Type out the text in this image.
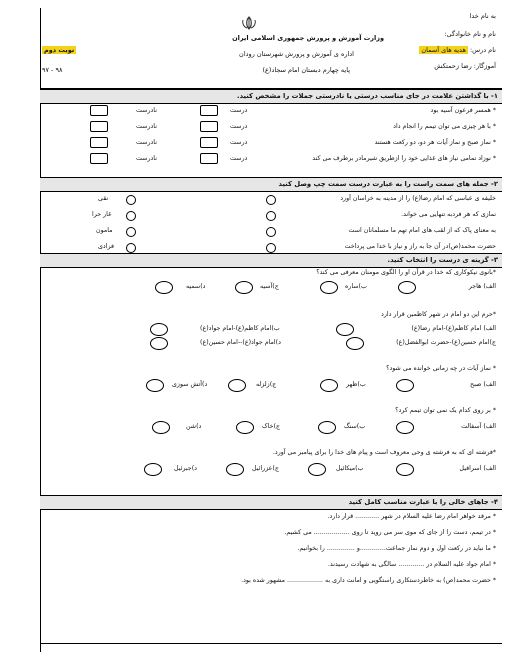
به نام خدا
نام و نام خانوادگی:
وزارت آموزش و پرورش جمهوری اسلامی ایران
نام درس: هدیه های آسمان
اداره ی آموزش و پرورش شهرستان رودان
نوبت دوم
آموزگار: رضا زحمتکش
پایه چهارم دبستان امام سجاد(ع)
۹۸ - ۹۷
۱- با گذاشتن علامت در جای مناسب درستی یا نادرستی جملات را مشخص کنید.
* همسر فرعون آسیه بود
* با هر چیزی می توان تیمم را انجام داد
* نماز صبح و نماز آیات هر دو، دو رکعت هستند
* نوزاد تمامی نیاز های غذایی خود را ازطریق شیرمادر برطرف می کند
درست
نادرست
درست
نادرست
درست
نادرست
درست
نادرست
۲- جمله های سمت راست را به عبارت درست سمت چپ وصل کنید
خلیفه ی عباسی که امام رضا(ع) را از مدینه به خراسان آورد
نمازی که هر فردبه تنهایی می خواند.
به معنای پاک که از لقب های امام تهم ما مسلمانان است
حضرت محمد(ص)در آن جا به راز و نیاز با خدا می پرداخت
نقی
غار حرا
مامون
فرادی
۳- گزینه ی درست را انتخاب کنید.
*بانوی نیکوکاری که خدا در قرآن او را الگوی مومنان معرفی می کند؟
الف) هاجر
ب)ساره
ج)آسیه
د)سمیه
*حرم این دو امام در شهر کاظمین قرار دارد
الف) امام کاظم(ع)-امام رضا(ع)
ب)امام کاظم(ع)-امام جواد(ع)
ج)امام حسین(ع)-حضرت ابوالفضل(ع)
د)امام جواد(ع)--امام حسین(ع)
* نماز آیات در چه زمانی خوانده می شود؟
الف) صبح
ب)ظهر
ج)زلزله
د)آتش سوزی
* بر روی کدام یک نمی توان تیمم کرد؟
الف) آسفالت
ب)سنگ
ج)خاک
د)شن
*فرشته ای که به فرشته ی وحی معروف است و پیام های خدا را برای پیامبر می آورد.
الف) اسرافیل
ب)میکائیل
ج)عزرائیل
د)جبرئیل
۴- جاهای خالی را با عبارت مناسب کامل کنید
* مرقد خواهر امام رضا علیه السلام در شهر ............ قرار دارد.
* در تیمم، دست را از جای که موی سر می روید تا روی .................. می کشیم.
* ما نباید در رکعت اول و دوم نماز جماعت.............و .............. را بخوانیم.
* امام جواد علیه السلام در ............. سالگی به شهادت رسیدند.
* حضرت محمد(ص) به خاطردستکاری راستگویی و امانت داری به .................. مشهور شده بود.
